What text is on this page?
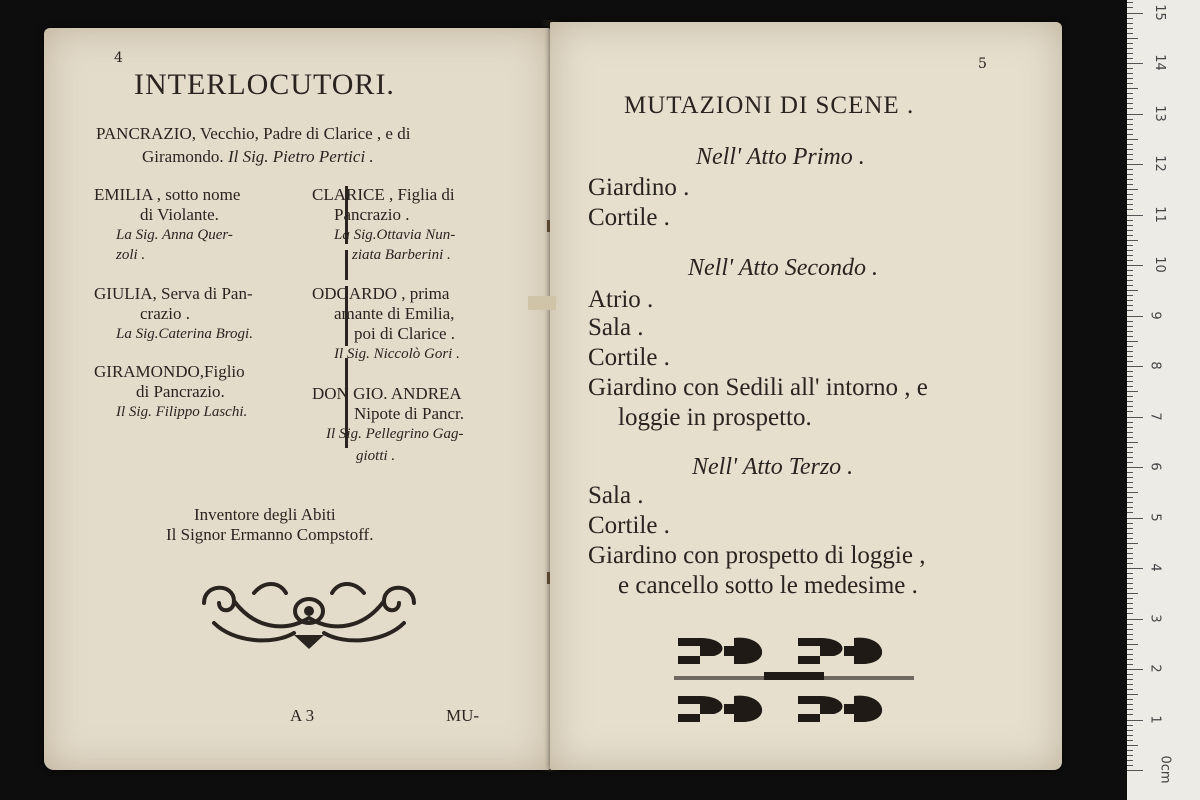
4
INTERLOCUTORI.
PANCRAZIO, Vecchio, Padre di Clarice , e di
Giramondo. Il Sig. Pietro Pertici .
EMILIA , sotto nome
di Violante.
La Sig. Anna Quer-
zoli .
GIULIA, Serva di Pan-
crazio .
La Sig.Caterina Brogi.
GIRAMONDO,Figlio
di Pancrazio.
Il Sig. Filippo Laschi.
CLARICE , Figlia di
Pancrazio .
La Sig.Ottavia Nun-
ziata Barberini .
ODOARDO , prima
amante di Emilia,
poi di Clarice .
Il Sig. Niccolò Gori .
DON GIO. ANDREA
Nipote di Pancr.
Il Sig. Pellegrino Gag-
giotti .
Inventore degli Abiti
Il Signor Ermanno Compstoff.
A 3	MU-
5
MUTAZIONI DI SCENE .
Nell' Atto Primo .
Giardino .
Cortile .
Nell' Atto Secondo .
Atrio .
Sala .
Cortile .
Giardino con Sedili all' intorno , e
loggie in prospetto.
Nell' Atto Terzo .
Sala .
Cortile .
Giardino con prospetto di loggie ,
e cancello sotto le medesime .
0cm
1
2
3
4
5
6
7
8
9
10
11
12
13
14
15
